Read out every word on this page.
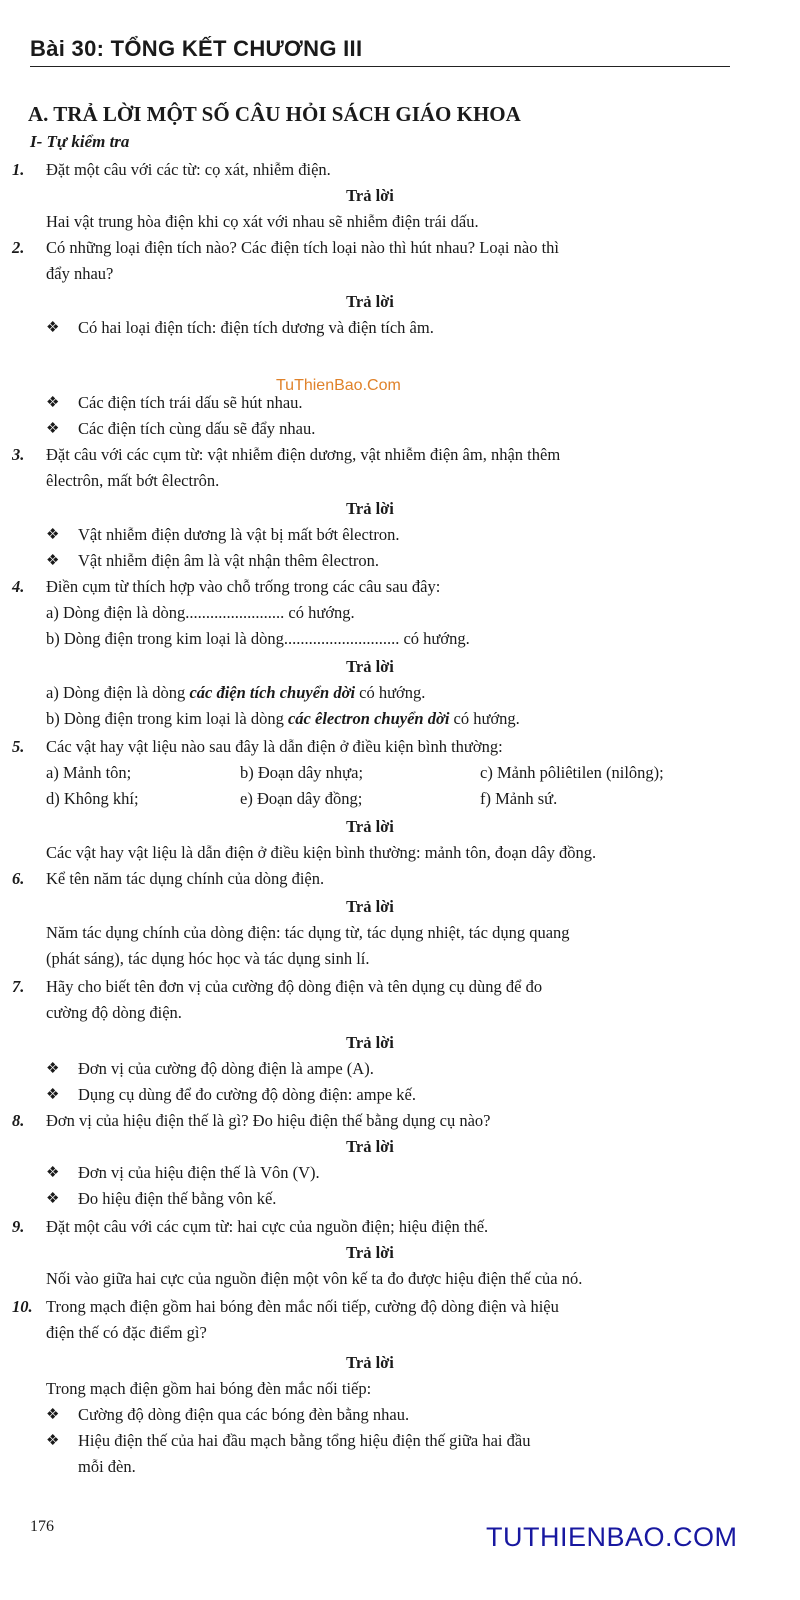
Bài 30: TỔNG KẾT CHƯƠNG III
A. TRẢ LỜI MỘT SỐ CÂU HỎI SÁCH GIÁO KHOA
I- Tự kiểm tra
1.	Đặt một câu với các từ: cọ xát, nhiễm điện.
Trả lời
Hai vật trung hòa điện khi cọ xát với nhau sẽ nhiễm điện trái dấu.
2.	Có những loại điện tích nào? Các điện tích loại nào thì hút nhau? Loại nào thì
đẩy nhau?
Trả lời
❖ Có hai loại điện tích: điện tích dương và điện tích âm.
TuThienBao.Com
❖ Các điện tích trái dấu sẽ hút nhau.
❖ Các điện tích cùng dấu sẽ đẩy nhau.
3.	Đặt câu với các cụm từ: vật nhiễm điện dương, vật nhiễm điện âm, nhận thêm
êlectrôn, mất bớt êlectrôn.
Trả lời
❖ Vật nhiễm điện dương là vật bị mất bớt êlectron.
❖ Vật nhiễm điện âm là vật nhận thêm êlectron.
4.	Điền cụm từ thích hợp vào chỗ trống trong các câu sau đây:
a) Dòng điện là dòng........................ có hướng.
b) Dòng điện trong kim loại là dòng............................ có hướng.
Trả lời
a) Dòng điện là dòng các điện tích chuyển dời có hướng.
b) Dòng điện trong kim loại là dòng các êlectron chuyển dời có hướng.
5.	Các vật hay vật liệu nào sau đây là dẫn điện ở điều kiện bình thường:
a) Mảnh tôn;	b) Đoạn dây nhựa;	c) Mảnh pôliêtilen (nilông);
d) Không khí;	e) Đoạn dây đồng;	f) Mảnh sứ.
Trả lời
Các vật hay vật liệu là dẫn điện ở điều kiện bình thường: mảnh tôn, đoạn dây đồng.
6.	Kể tên năm tác dụng chính của dòng điện.
Trả lời
Năm tác dụng chính của dòng điện: tác dụng từ, tác dụng nhiệt, tác dụng quang
(phát sáng), tác dụng hóc học và tác dụng sinh lí.
7.	Hãy cho biết tên đơn vị của cường độ dòng điện và tên dụng cụ dùng để đo
cường độ dòng điện.
Trả lời
❖ Đơn vị của cường độ dòng điện là ampe (A).
❖ Dụng cụ dùng để đo cường độ dòng điện: ampe kế.
8.	Đơn vị của hiệu điện thế là gì? Đo hiệu điện thế bằng dụng cụ nào?
Trả lời
❖ Đơn vị của hiệu điện thế là Vôn (V).
❖ Đo hiệu điện thế bằng vôn kế.
9.	Đặt một câu với các cụm từ: hai cực của nguồn điện; hiệu điện thế.
Trả lời
Nối vào giữa hai cực của nguồn điện một vôn kế ta đo được hiệu điện thế của nó.
10. Trong mạch điện gồm hai bóng đèn mắc nối tiếp, cường độ dòng điện và hiệu
điện thế có đặc điểm gì?
Trả lời
Trong mạch điện gồm hai bóng đèn mắc nối tiếp:
❖ Cường độ dòng điện qua các bóng đèn bằng nhau.
❖ Hiệu điện thế của hai đầu mạch bằng tổng hiệu điện thế giữa hai đầu
mỗi đèn.
176	TUTHIENBAO.COM
